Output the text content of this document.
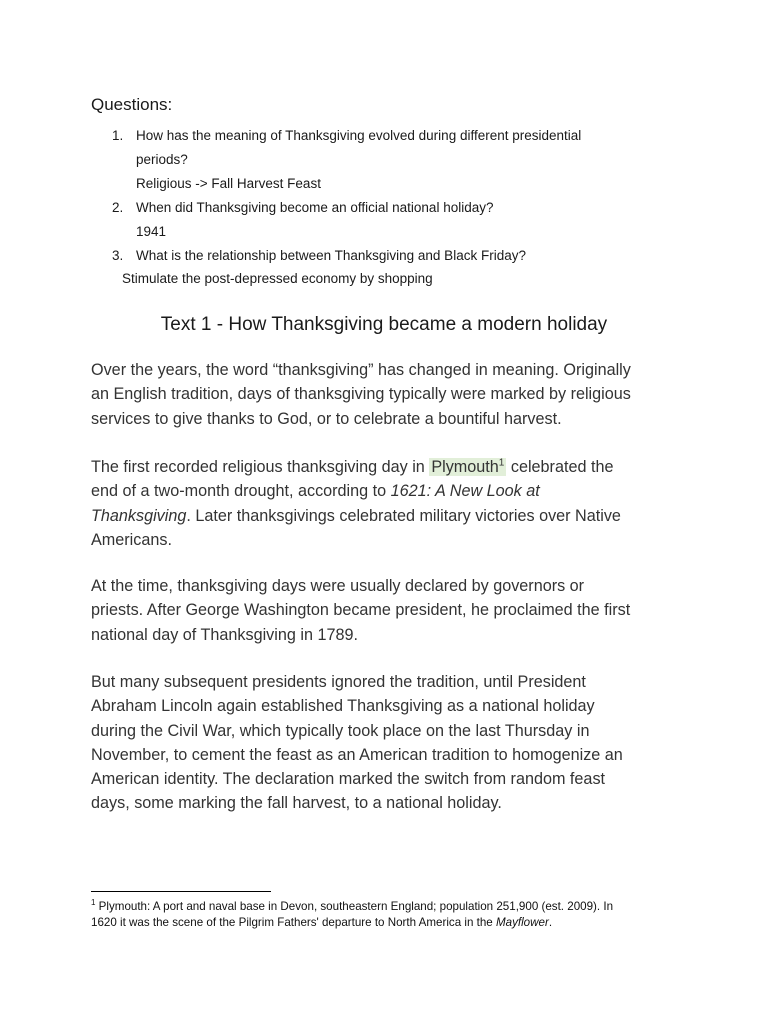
Questions:
1. How has the meaning of Thanksgiving evolved during different presidential
periods?
Religious -> Fall Harvest Feast
2. When did Thanksgiving become an official national holiday?
1941
3. What is the relationship between Thanksgiving and Black Friday?
Stimulate the post-depressed economy by shopping
Text 1 - How Thanksgiving became a modern holiday

Over the years, the word “thanksgiving” has changed in meaning. Originally
an English tradition, days of thanksgiving typically were marked by religious
services to give thanks to God, or to celebrate a bountiful harvest.

The first recorded religious thanksgiving day in Plymouth$^1$ celebrated the
end of a two-month drought, according to 1621: A New Look at
Thanksgiving. Later thanksgivings celebrated military victories over Native
Americans.

At the time, thanksgiving days were usually declared by governors or
priests. After George Washington became president, he proclaimed the first
national day of Thanksgiving in 1789.

But many subsequent presidents ignored the tradition, until President
Abraham Lincoln again established Thanksgiving as a national holiday
during the Civil War, which typically took place on the last Thursday in
November, to cement the feast as an American tradition to homogenize an
American identity. The declaration marked the switch from random feast
days, some marking the fall harvest, to a national holiday.

$^1$ Plymouth: A port and naval base in Devon, southeastern England; population 251,900 (est. 2009). In
1620 it was the scene of the Pilgrim Fathers' departure to North America in the Mayflower.
